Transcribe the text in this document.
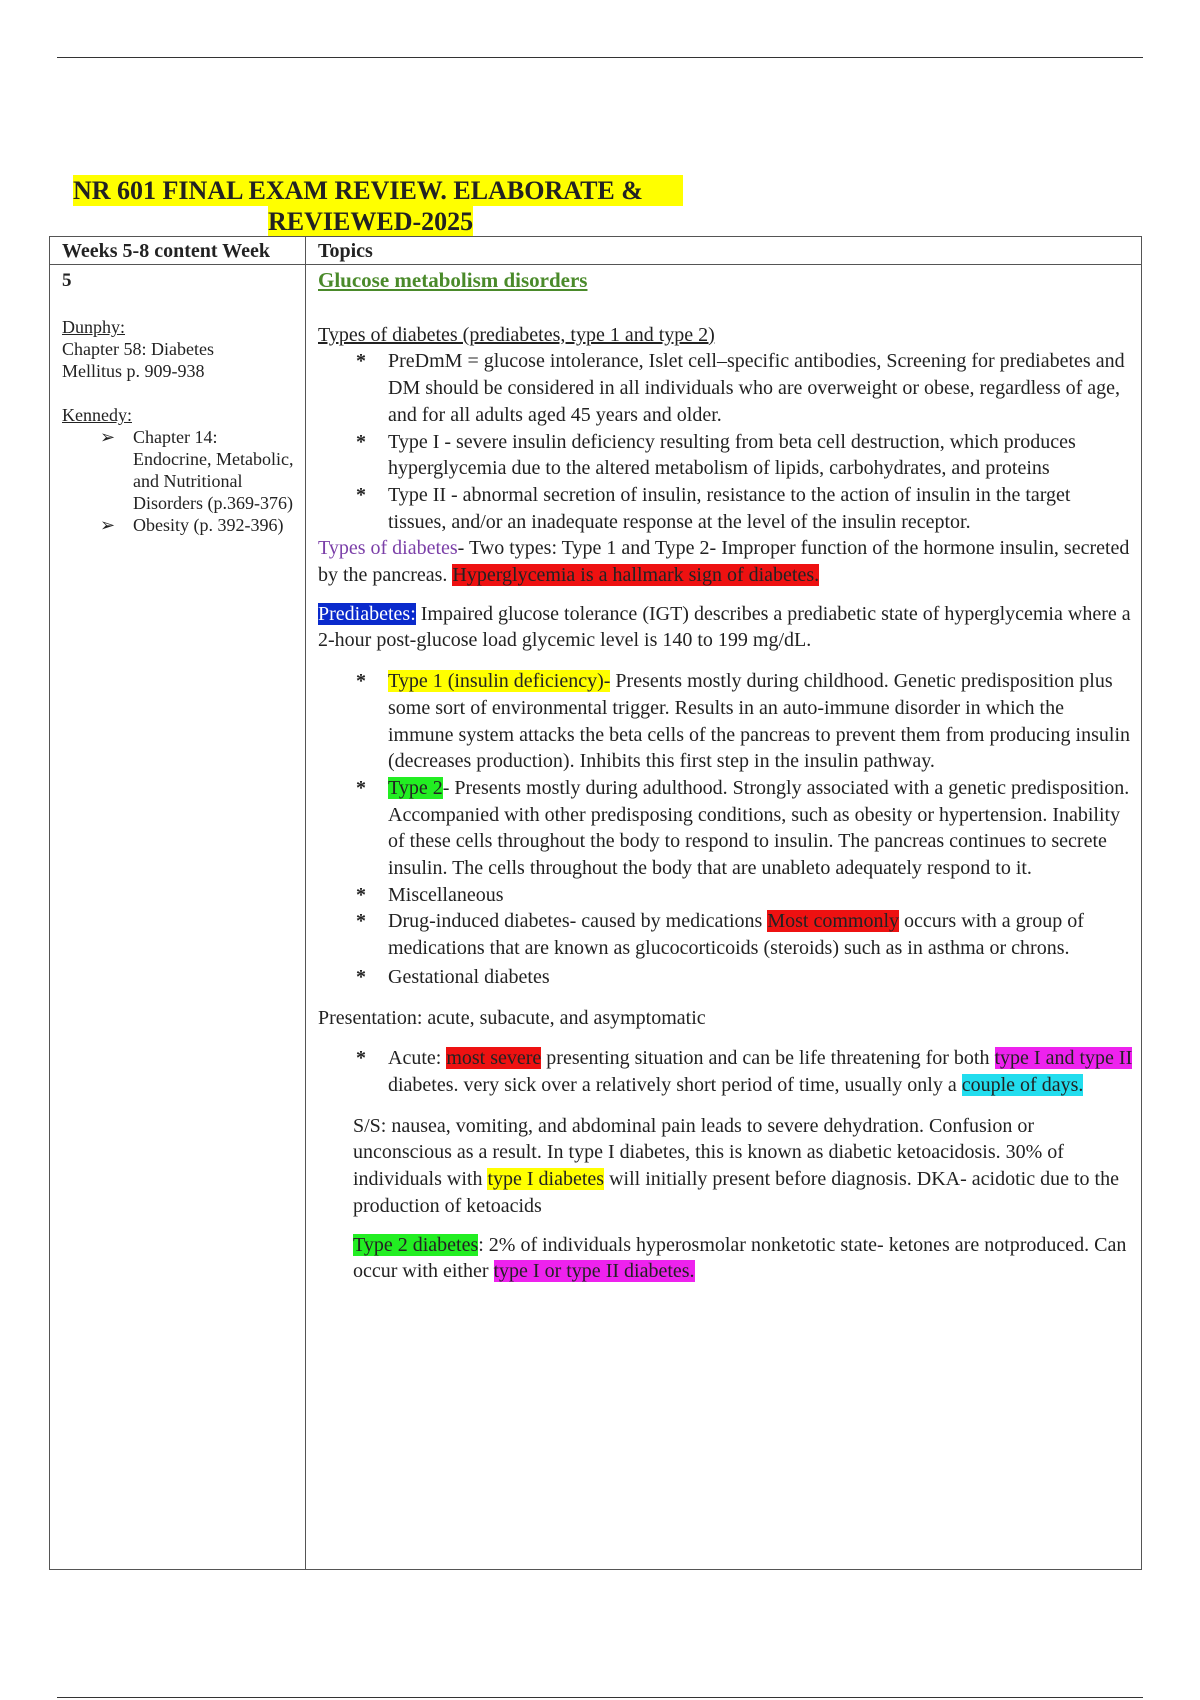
NR 601 FINAL EXAM REVIEW. ELABORATE &
REVIEWED-2025
Weeks 5-8 content Week Topics
5
Dunphy:
Chapter 58: Diabetes
Mellitus p. 909-938
Kennedy:
➢ Chapter 14: Endocrine, Metabolic, and Nutritional Disorders (p.369-376)
➢ Obesity (p. 392-396)

Glucose metabolism disorders

Types of diabetes (prediabetes, type 1 and type 2)

* PreDmM = glucose intolerance, Islet cell–specific antibodies, Screening for prediabetes and DM should be considered in all individuals who are overweight or obese, regardless of age, and for all adults aged 45 years and older.
* Type I - severe insulin deficiency resulting from beta cell destruction, which produces hyperglycemia due to the altered metabolism of lipids, carbohydrates, and proteins
* Type II - abnormal secretion of insulin, resistance to the action of insulin in the target tissues, and/or an inadequate response at the level of the insulin receptor.

Types of diabetes- Two types: Type 1 and Type 2- Improper function of the hormone insulin, secreted by the pancreas. Hyperglycemia is a hallmark sign of diabetes.

Prediabetes: Impaired glucose tolerance (IGT) describes a prediabetic state of hyperglycemia where a 2-hour post-glucose load glycemic level is 140 to 199 mg/dL.

* Type 1 (insulin deficiency)- Presents mostly during childhood. Genetic predisposition plus some sort of environmental trigger. Results in an auto-immune disorder in which the immune system attacks the beta cells of the pancreas to prevent them from producing insulin (decreases production). Inhibits this first step in the insulin pathway.
* Type 2- Presents mostly during adulthood. Strongly associated with a genetic predisposition. Accompanied with other predisposing conditions, such as obesity or hypertension. Inability of these cells throughout the body to respond to insulin. The pancreas continues to secrete insulin. The cells throughout the body that are unableto adequately respond to it.
* Miscellaneous
* Drug-induced diabetes- caused by medications Most commonly occurs with a group of medications that are known as glucocorticoids (steroids) such as in asthma or chrons.
* Gestational diabetes

Presentation: acute, subacute, and asymptomatic

* Acute: most severe presenting situation and can be life threatening for both type I and type II diabetes. very sick over a relatively short period of time, usually only a couple of days.

S/S: nausea, vomiting, and abdominal pain leads to severe dehydration. Confusion or unconscious as a result. In type I diabetes, this is known as diabetic ketoacidosis. 30% of individuals with type I diabetes will initially present before diagnosis. DKA- acidotic due to the production of ketoacids

Type 2 diabetes: 2% of individuals hyperosmolar nonketotic state- ketones are notproduced. Can occur with either type I or type II diabetes.
